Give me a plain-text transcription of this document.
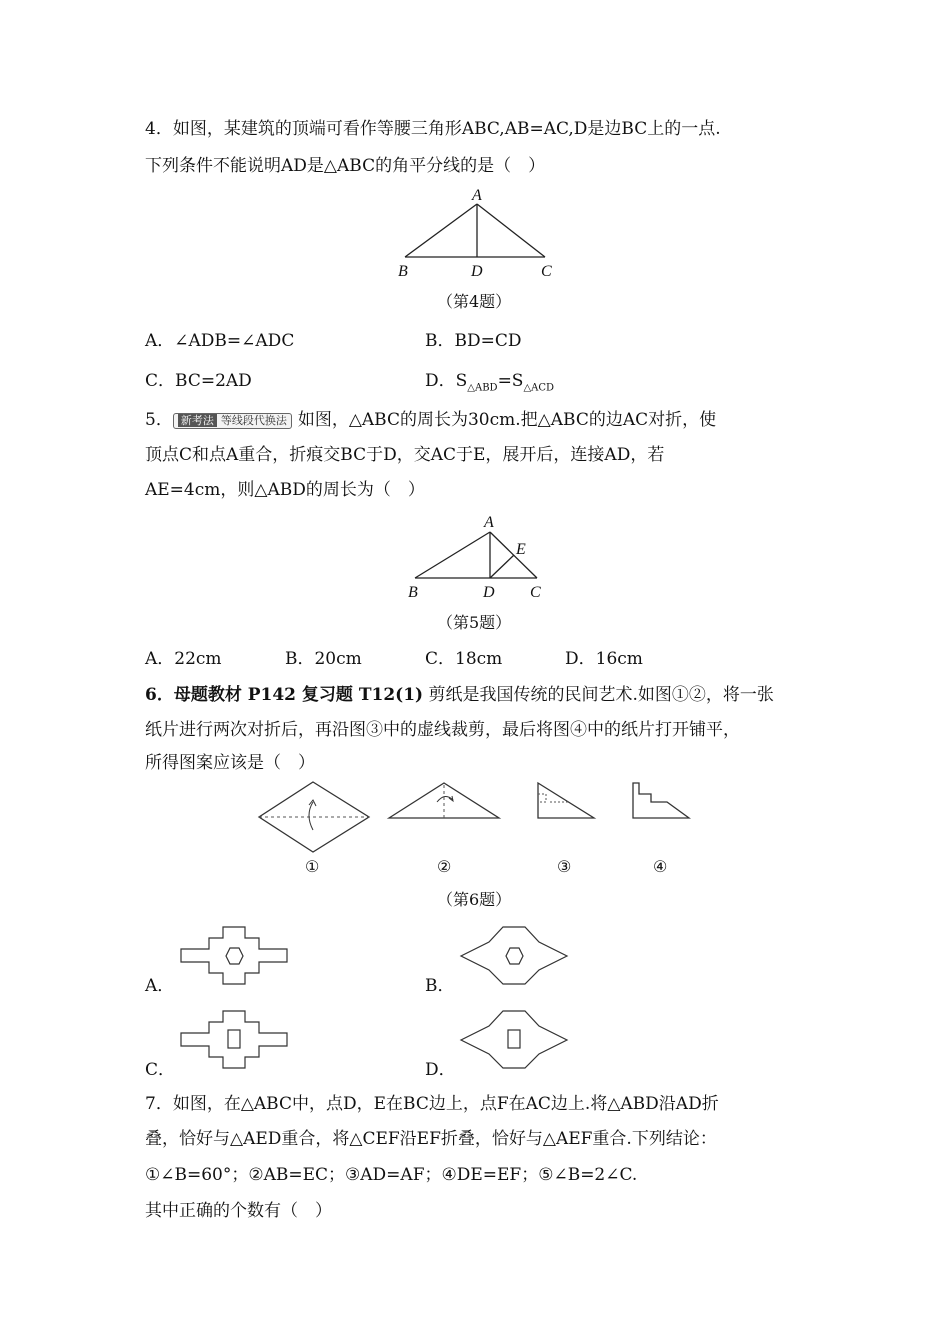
4．如图，某建筑的顶端可看作等腰三角形ABC,AB=AC,D是边BC上的一点.
下列条件不能说明AD是△ABC的角平分线的是（　）
A
B	D	C
（第4题）
A．∠ADB=∠ADC	B．BD=CD
C．BC=2AD	D．$S_{\triangle ABD}=S_{\triangle ACD}$
5． 新考法 等线段代换法 如图，△ABC的周长为30cm.把△ABC的边AC对折，使
顶点C和点A重合，折痕交BC于D，交AC于E，展开后，连接AD，若
AE=4cm，则△ABD的周长为（　）
A
E
B	D C
（第5题）
A．22cm	B．20cm	C．18cm	D．16cm
6．母题教材 P142 复习题 T12(1) 剪纸是我国传统的民间艺术.如图①②，将一张
纸片进行两次对折后，再沿图③中的虚线裁剪，最后将图④中的纸片打开铺平，
所得图案应该是（　）
①	②	③	④
（第6题）
A．	B．
C．	D．
7．如图，在△ABC中，点D，E在BC边上，点F在AC边上.将△ABD沿AD折
叠，恰好与△AED重合，将△CEF沿EF折叠，恰好与△AEF重合.下列结论：
①∠B=60°；②AB=EC；③AD=AF；④DE=EF；⑤∠B=2∠C.
其中正确的个数有（　）
